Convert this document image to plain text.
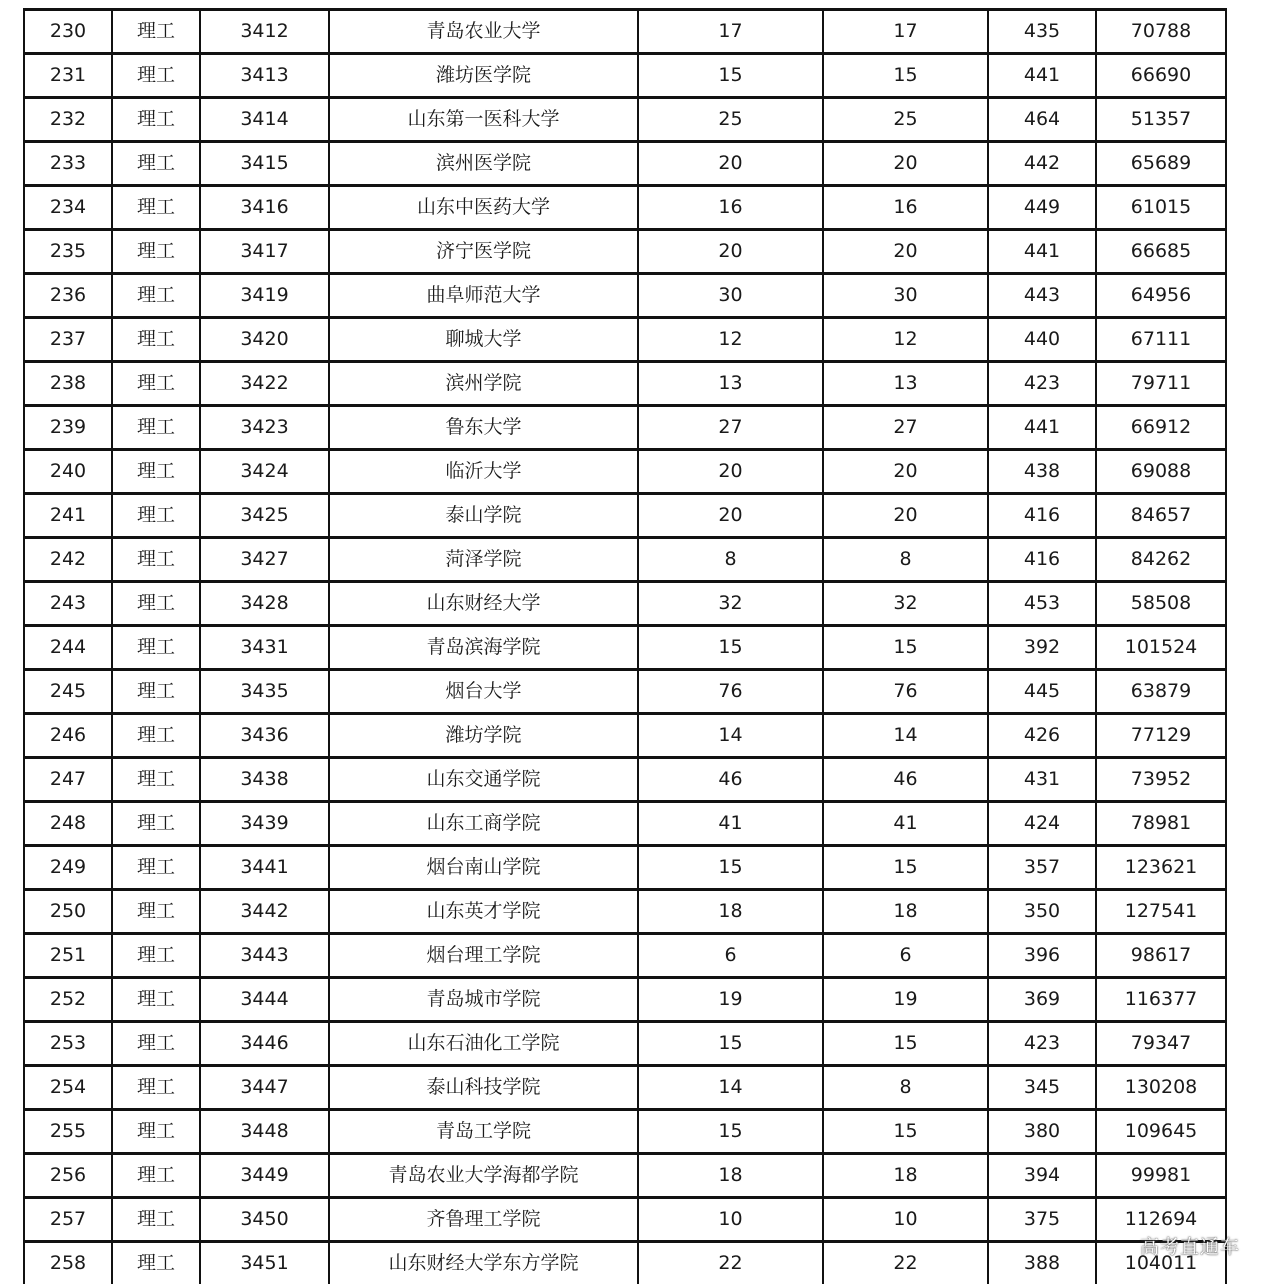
230	理工	3412	青岛农业大学	17	17	435	70788
231	理工	3413	潍坊医学院	15	15	441	66690
232	理工	3414	山东第一医科大学	25	25	464	51357
233	理工	3415	滨州医学院	20	20	442	65689
234	理工	3416	山东中医药大学	16	16	449	61015
235	理工	3417	济宁医学院	20	20	441	66685
236	理工	3419	曲阜师范大学	30	30	443	64956
237	理工	3420	聊城大学	12	12	440	67111
238	理工	3422	滨州学院	13	13	423	79711
239	理工	3423	鲁东大学	27	27	441	66912
240	理工	3424	临沂大学	20	20	438	69088
241	理工	3425	泰山学院	20	20	416	84657
242	理工	3427	菏泽学院	8	8	416	84262
243	理工	3428	山东财经大学	32	32	453	58508
244	理工	3431	青岛滨海学院	15	15	392	101524
245	理工	3435	烟台大学	76	76	445	63879
246	理工	3436	潍坊学院	14	14	426	77129
247	理工	3438	山东交通学院	46	46	431	73952
248	理工	3439	山东工商学院	41	41	424	78981
249	理工	3441	烟台南山学院	15	15	357	123621
250	理工	3442	山东英才学院	18	18	350	127541
251	理工	3443	烟台理工学院	6	6	396	98617
252	理工	3444	青岛城市学院	19	19	369	116377
253	理工	3446	山东石油化工学院	15	15	423	79347
254	理工	3447	泰山科技学院	14	8	345	130208
255	理工	3448	青岛工学院	15	15	380	109645
256	理工	3449	青岛农业大学海都学院	18	18	394	99981
257	理工	3450	齐鲁理工学院	10	10	375	112694
258	理工	3451	山东财经大学东方学院	22	22	388	104011
高考直通车
